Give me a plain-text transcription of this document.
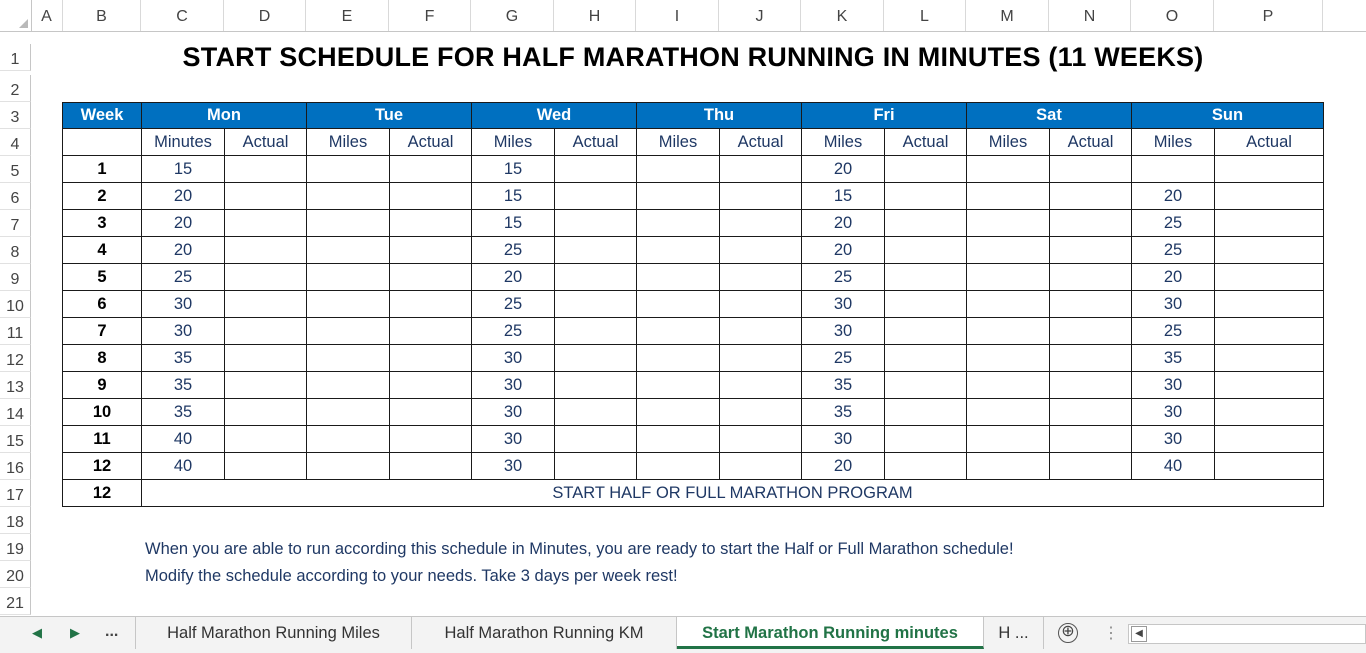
A	B	C	D	E	F	G	H	I	J	K	L	M	N	O	P
1
2
3
4
5
6
7
8
9
10
11
12
13
14
15
16
17
18
19
20
21
START SCHEDULE FOR HALF MARATHON RUNNING IN MINUTES (11 WEEKS)
Week	Mon		Tue		Wed		Thu		Fri		Sat		Sun	
	Minutes	Actual	Miles	Actual	Miles	Actual	Miles	Actual	Miles	Actual	Miles	Actual	Miles	Actual
1	15				15				20					
2	20				15				15				20	
3	20				15				20				25	
4	20				25				20				25	
5	25				20				25				20	
6	30				25				30				30	
7	30				25				30				25	
8	35				30				25				35	
9	35				30				35				30	
10	35				30				35				30	
11	40				30				30				30	
12	40				30				20				40	
12	START HALF OR FULL MARATHON PROGRAM													
When you are able to run according this schedule in Minutes, you are ready to start the Half or Full Marathon schedule!
Modify the schedule according to your needs. Take 3 days per week rest!
◀	▶ ...	Half Marathon Running Miles	Half Marathon Running KM	Start Marathon Running minutes	H ...	⊕ ⋮	◀
